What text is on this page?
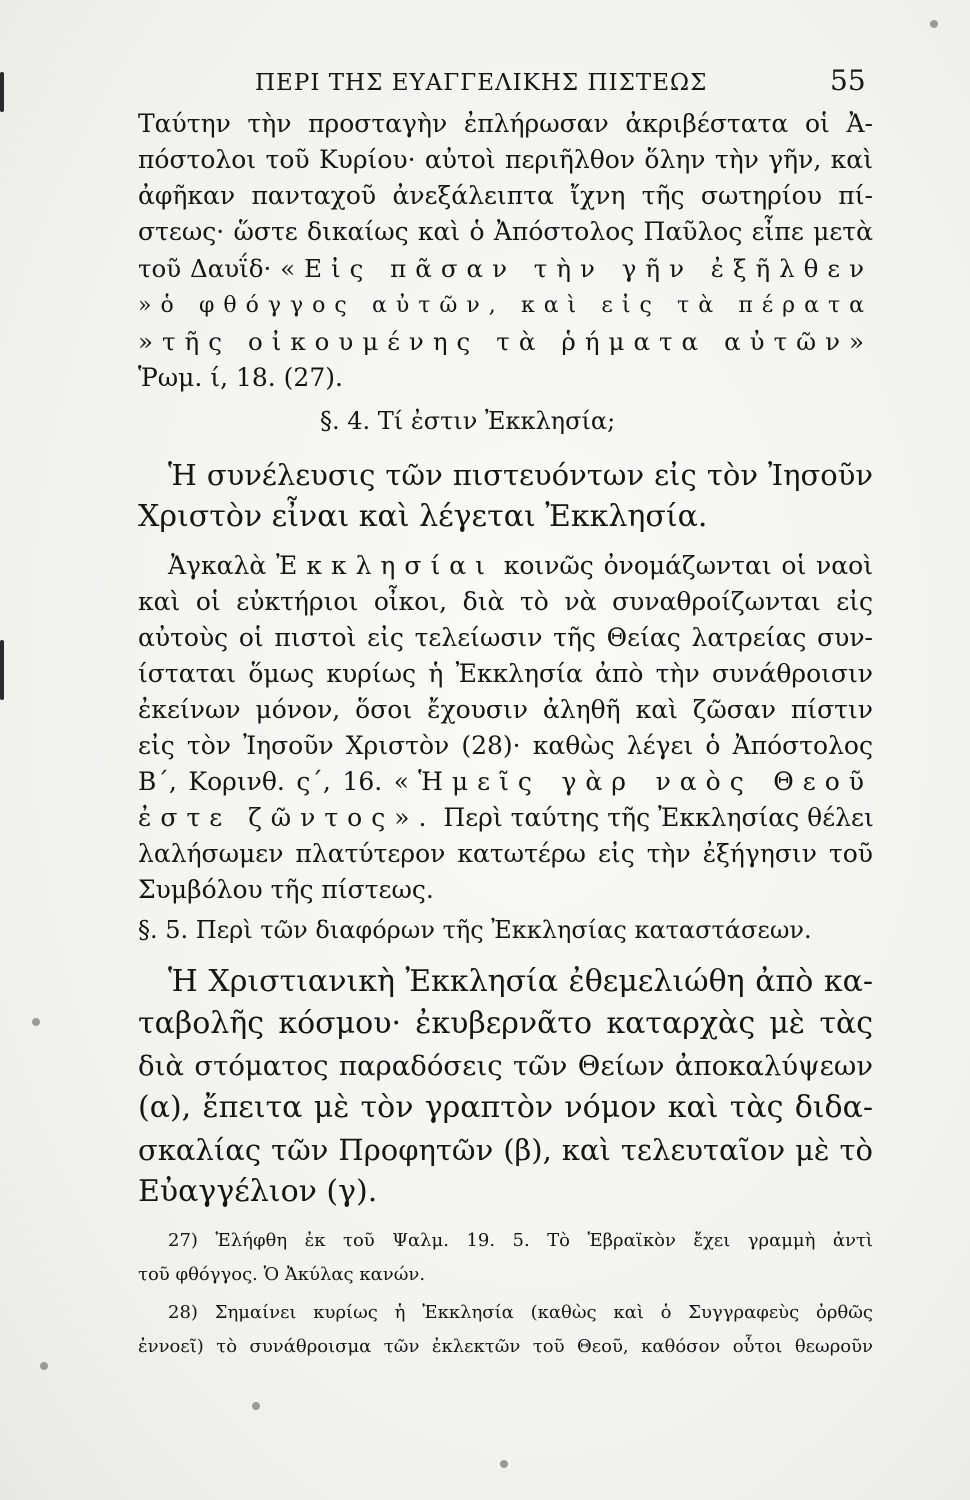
ΠΕΡΙ ΤΗΣ ΕΥΑΓΓΕΛΙΚΗΣ ΠΙΣΤΕΩΣ	55
Ταύτην τὴν προσταγὴν ἐπλήρωσαν ἀκριβέστατα οἱ Ἀ-
πόστολοι τοῦ Κυρίου· αὐτοὶ περιῆλθον ὅλην τὴν γῆν, καὶ
ἀφῆκαν πανταχοῦ ἀνεξάλειπτα ἴχνη τῆς σωτηρίου πί-
στεως· ὥστε δικαίως καὶ ὁ Ἀπόστολος Παῦλος εἶπε μετὰ
τοῦ Δαυΐδ· «Εἰς πᾶσαν τὴν γῆν ἐξῆλθεν
»ὁ φθόγγος αὐτῶν, καὶ εἰς τὰ πέρατα
»τῆς οἰκουμένης τὰ ῥήματα αὐτῶν»
Ῥωμ. ί, 18. (27).
§. 4. Τί ἐστιν Ἐκκλησία;
Ἡ συνέλευσις τῶν πιστευόντων εἰς τὸν Ἰησοῦν
Χριστὸν εἶναι καὶ λέγεται Ἐκκλησία.
Ἀγκαλὰ Ἐκκλησίαι κοινῶς ὀνομάζωνται οἱ ναοὶ
καὶ οἱ εὐκτήριοι οἶκοι, διὰ τὸ νὰ συναθροίζωνται εἰς
αὐτοὺς οἱ πιστοὶ εἰς τελείωσιν τῆς Θείας λατρείας συν-
ίσταται ὅμως κυρίως ἡ Ἐκκλησία ἀπὸ τὴν συνάθροισιν
ἐκείνων μόνον, ὅσοι ἔχουσιν ἀληθῆ καὶ ζῶσαν πίστιν
εἰς τὸν Ἰησοῦν Χριστὸν (28)· καθὼς λέγει ὁ Ἀπόστολος
Β΄, Κορινθ. ς΄, 16. «Ἡμεῖς γὰρ ναὸς Θεοῦ
ἐστε ζῶντος». Περὶ ταύτης τῆς Ἐκκλησίας θέλει
λαλήσωμεν πλατύτερον κατωτέρω εἰς τὴν ἐξήγησιν τοῦ
Συμβόλου τῆς πίστεως.
§. 5. Περὶ τῶν διαφόρων τῆς Ἐκκλησίας καταστάσεων.
Ἡ Χριστιανικὴ Ἐκκλησία ἐθεμελιώθη ἀπὸ κα-
ταβολῆς κόσμου· ἐκυβερνᾶτο καταρχὰς μὲ τὰς
διὰ στόματος παραδόσεις τῶν Θείων ἀποκαλύψεων
(α), ἔπειτα μὲ τὸν γραπτὸν νόμον καὶ τὰς διδα-
σκαλίας τῶν Προφητῶν (β), καὶ τελευταῖον μὲ τὸ
Εὐαγγέλιον (γ).
27) Ἐλήφθη ἐκ τοῦ Ψαλμ. 19. 5. Τὸ Ἑβραϊκὸν ἔχει γραμμὴ ἀντὶ
τοῦ φθόγγος. Ὁ Ἀκύλας κανών.
28) Σημαίνει κυρίως ἡ Ἐκκλησία (καθὼς καὶ ὁ Συγγραφεὺς ὀρθῶς
ἐννοεῖ) τὸ συνάθροισμα τῶν ἐκλεκτῶν τοῦ Θεοῦ, καθόσον οὗτοι θεωροῦν
